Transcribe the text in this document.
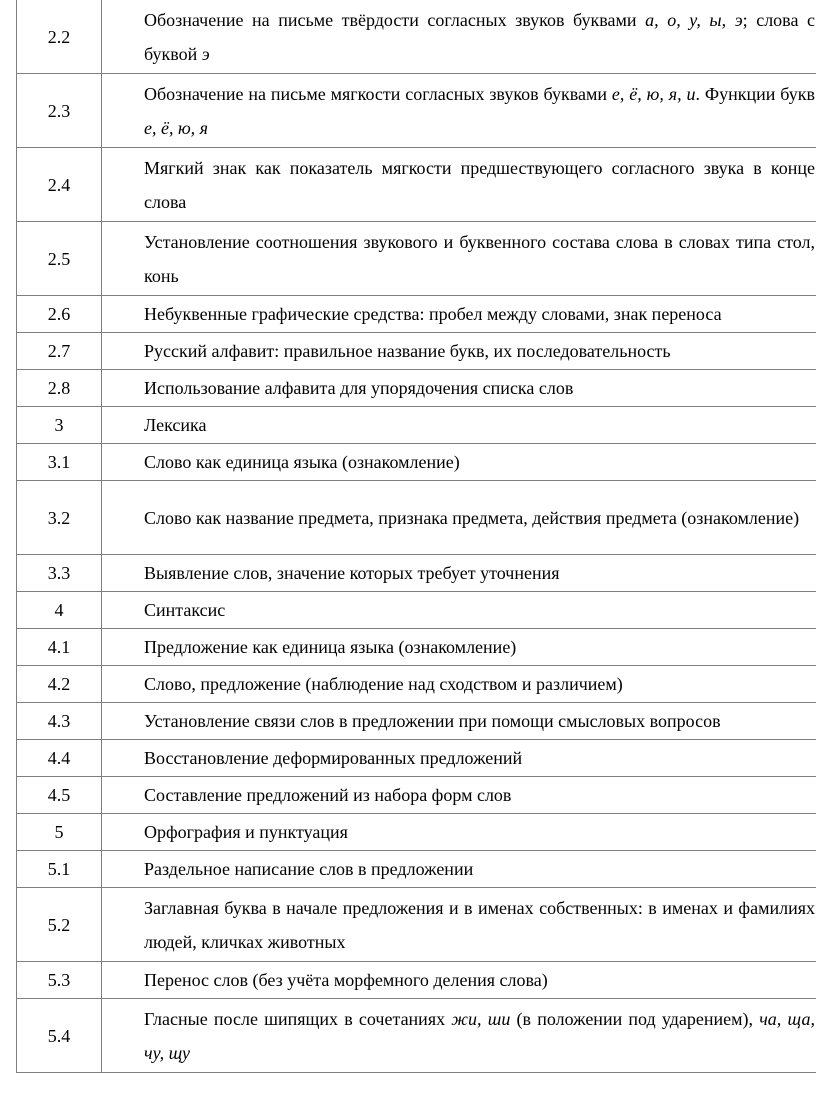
2.2	Обозначение на письме твёрдости согласных звуков буквами а, о, у, ы, э; слова с буквой э
2.3	Обозначение на письме мягкости согласных звуков буквами е, ё, ю, я, и. Функции букв е, ё, ю, я
2.4	Мягкий знак как показатель мягкости предшествующего согласного звука в конце слова
2.5	Установление соотношения звукового и буквенного состава слова в словах типа стол, конь
2.6	Небуквенные графические средства: пробел между словами, знак переноса
2.7	Русский алфавит: правильное название букв, их последовательность
2.8	Использование алфавита для упорядочения списка слов
3	Лексика
3.1	Слово как единица языка (ознакомление)
3.2	Слово как название предмета, признака предмета, действия предмета (ознакомление)
3.3	Выявление слов, значение которых требует уточнения
4	Синтаксис
4.1	Предложение как единица языка (ознакомление)
4.2	Слово, предложение (наблюдение над сходством и различием)
4.3	Установление связи слов в предложении при помощи смысловых вопросов
4.4	Восстановление деформированных предложений
4.5	Составление предложений из набора форм слов
5	Орфография и пунктуация
5.1	Раздельное написание слов в предложении
5.2	Заглавная буква в начале предложения и в именах собственных: в именах и фамилиях людей, кличках животных
5.3	Перенос слов (без учёта морфемного деления слова)
5.4	Гласные после шипящих в сочетаниях жи, ши (в положении под ударением), ча, ща, чу, щу
